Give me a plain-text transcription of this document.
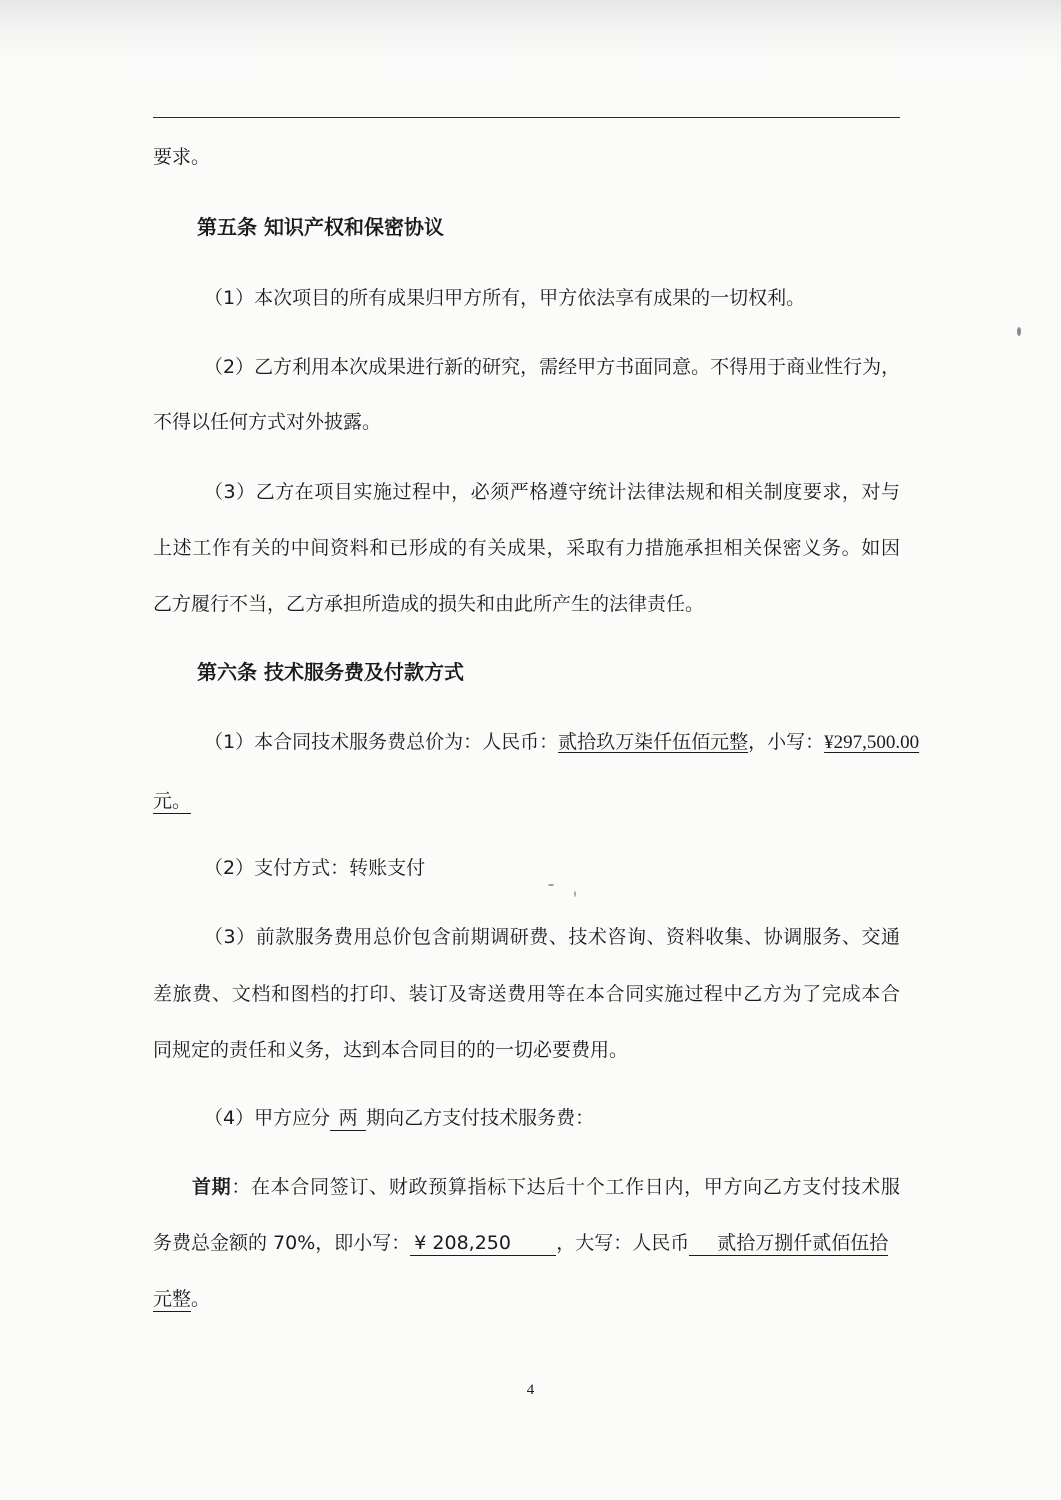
要求。
第五条 知识产权和保密协议
（1）本次项目的所有成果归甲方所有，甲方依法享有成果的一切权利。
（2）乙方利用本次成果进行新的研究，需经甲方书面同意。不得用于商业性行为，
不得以任何方式对外披露。
（3）乙方在项目实施过程中，必须严格遵守统计法律法规和相关制度要求，对与
上述工作有关的中间资料和已形成的有关成果，采取有力措施承担相关保密义务。如因
乙方履行不当，乙方承担所造成的损失和由此所产生的法律责任。
第六条 技术服务费及付款方式
（1）本合同技术服务费总价为：人民币：贰拾玖万柒仟伍佰元整，小写：¥297,500.00
元。
（2）支付方式：转账支付
（3）前款服务费用总价包含前期调研费、技术咨询、资料收集、协调服务、交通
差旅费、文档和图档的打印、装订及寄送费用等在本合同实施过程中乙方为了完成本合
同规定的责任和义务，达到本合同目的的一切必要费用。
（4）甲方应分 两 期向乙方支付技术服务费：
首期：在本合同签订、财政预算指标下达后十个工作日内，甲方向乙方支付技术服
务费总金额的 70%，即小写： ¥ 208,250 ，大写：人民币 贰拾万捌仟贰佰伍拾
元整。
4
